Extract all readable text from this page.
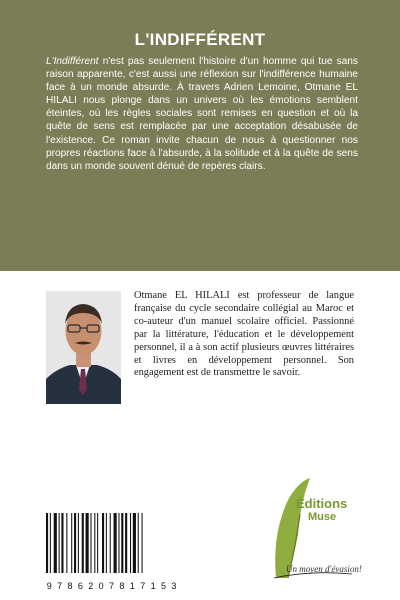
L'INDIFFÉRENT
L'Indifférent n'est pas seulement l'histoire d'un homme qui tue sans raison apparente, c'est aussi une réflexion sur l'indifférence humaine face à un monde absurde. À travers Adrien Lemoine, Otmane EL HILALI nous plonge dans un univers où les émotions semblent éteintes, où les règles sociales sont remises en question et où la quête de sens est remplacée par une acceptation désabusée de l'existence. Ce roman invite chacun de nous à questionner nos propres réactions face à l'absurde, à la solitude et à la quête de sens dans un monde souvent dénué de repères clairs.
Otmane EL HILALI est professeur de langue française du cycle secondaire collégial au Maroc et co-auteur d'un manuel scolaire officiel. Passionné par la littérature, l'éducation et le développement personnel, il a à son actif plusieurs œuvres littéraires et livres en développement personnel. Son engagement est de transmettre le savoir.
9 7 8 6 2 0 7 8 1 7 1 5 3
Éditions
Muse
Un moyen d'évasion!
